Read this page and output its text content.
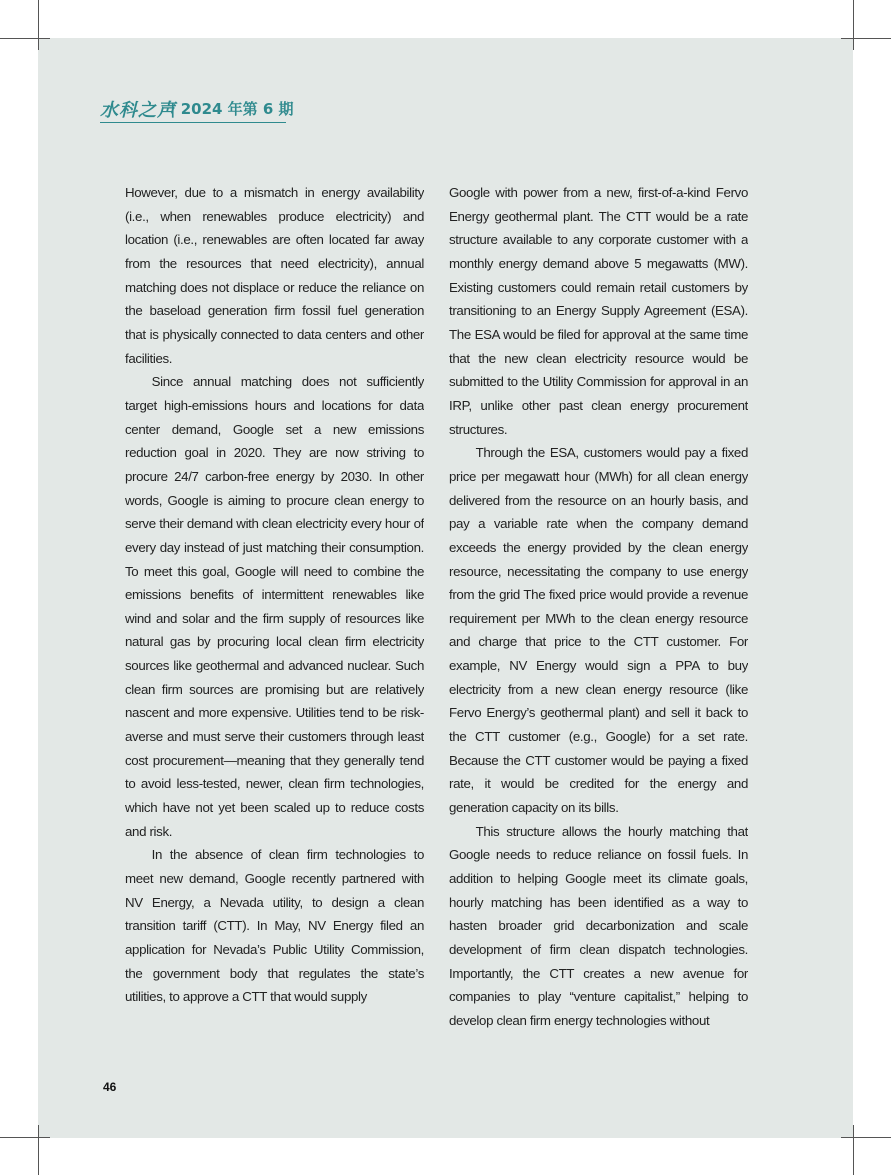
水科之声
| 2024 年第 6 期

However, due to a mismatch in energy availability (i.e., when renewables produce electricity) and location (i.e., renewables are often located far away from the resources that need electricity), annual matching does not displace or reduce the reliance on the baseload generation firm fossil fuel generation that is physically connected to data centers and other facilities.

Since annual matching does not sufficiently target high-emissions hours and locations for data center demand, Google set a new emissions reduction goal in 2020. They are now striving to procure 24/7 carbon-free energy by 2030. In other words, Google is aiming to procure clean energy to serve their demand with clean electricity every hour of every day instead of just matching their consumption. To meet this goal, Google will need to combine the emissions benefits of intermittent renewables like wind and solar and the firm supply of resources like natural gas by procuring local clean firm electricity sources like geothermal and advanced nuclear. Such clean firm sources are promising but are relatively nascent and more expensive. Utilities tend to be risk-averse and must serve their customers through least cost procurement—meaning that they generally tend to avoid less-tested, newer, clean firm technologies, which have not yet been scaled up to reduce costs and risk.

In the absence of clean firm technologies to meet new demand, Google recently partnered with NV Energy, a Nevada utility, to design a clean transition tariff (CTT). In May, NV Energy filed an application for Nevada’s Public Utility Commission, the government body that regulates the state’s utilities, to approve a CTT that would supply

Google with power from a new, first-of-a-kind Fervo Energy geothermal plant. The CTT would be a rate structure available to any corporate customer with a monthly energy demand above 5 megawatts (MW). Existing customers could remain retail customers by transitioning to an Energy Supply Agreement (ESA). The ESA would be filed for approval at the same time that the new clean electricity resource would be submitted to the Utility Commission for approval in an IRP, unlike other past clean energy procurement structures.

Through the ESA, customers would pay a fixed price per megawatt hour (MWh) for all clean energy delivered from the resource on an hourly basis, and pay a variable rate when the company demand exceeds the energy provided by the clean energy resource, necessitating the company to use energy from the grid The fixed price would provide a revenue requirement per MWh to the clean energy resource and charge that price to the CTT customer. For example, NV Energy would sign a PPA to buy electricity from a new clean energy resource (like Fervo Energy’s geothermal plant) and sell it back to the CTT customer (e.g., Google) for a set rate. Because the CTT customer would be paying a fixed rate, it would be credited for the energy and generation capacity on its bills.

This structure allows the hourly matching that Google needs to reduce reliance on fossil fuels. In addition to helping Google meet its climate goals, hourly matching has been identified as a way to hasten broader grid decarbonization and scale development of firm clean dispatch technologies. Importantly, the CTT creates a new avenue for companies to play “venture capitalist,” helping to develop clean firm energy technologies without

46
